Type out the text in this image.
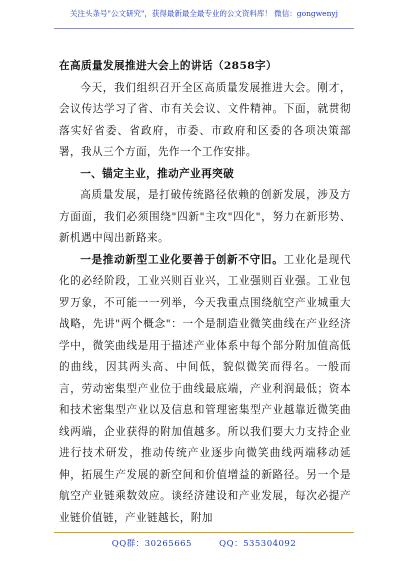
关注头条号"公文研究"，获得最新最全最专业的公文资料库！ 微信：gongwenyj

在高质量发展推进大会上的讲话（2858字）

今天，我们组织召开全区高质量发展推进大会。刚才，会议传达学习了省、市有关会议、文件精神。下面，就贯彻落实好省委、省政府，市委、市政府和区委的各项决策部署，我从三个方面，先作一个工作安排。

一、锚定主业，推动产业再突破

高质量发展，是打破传统路径依赖的创新发展，涉及方方面面，我们必须围绕"四新"主攻"四化"，努力在新形势、新机遇中闯出新路来。

一是推动新型工业化要善于创新不守旧。工业化是现代化的必经阶段，工业兴则百业兴，工业强则百业强。工业包罗万象，不可能一一列举，今天我重点围绕航空产业城重大战略，先讲"两个概念"：一个是制造业微笑曲线在产业经济学中，微笑曲线是用于描述产业体系中每个部分附加值高低的曲线，因其两头高、中间低，貌似微笑而得名。一般而言，劳动密集型产业位于曲线最底端，产业利润最低；资本和技术密集型产业以及信息和管理密集型产业越靠近微笑曲线两端，企业获得的附加值越多。所以我们要大力支持企业进行技术研发，推动传统产业逐步向微笑曲线两端移动延伸，拓展生产发展的新空间和价值增益的新路径。另一个是航空产业链乘数效应。谈经济建设和产业发展，每次必提产业链价值链，产业链越长，附加

QQ群：30265665	QQ：535304092
